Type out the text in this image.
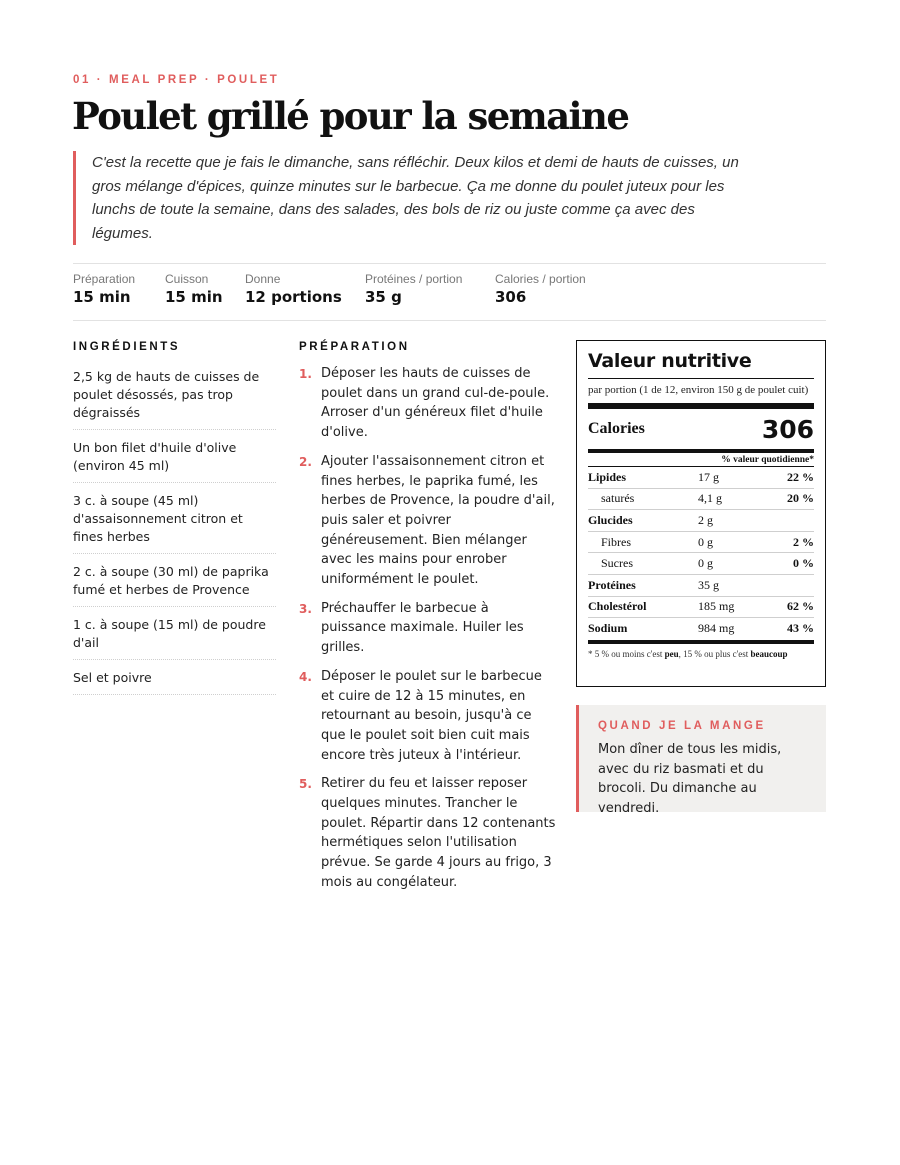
01 · MEAL PREP · POULET
Poulet grillé pour la semaine

C'est la recette que je fais le dimanche, sans réfléchir. Deux kilos et demi de hauts de cuisses, un gros mélange d'épices, quinze minutes sur le barbecue. Ça me donne du poulet juteux pour les lunchs de toute la semaine, dans des salades, des bols de riz ou juste comme ça avec des légumes.

Préparation
15 min
Cuisson
15 min
Donne
12 portions
Protéines / portion
35 g
Calories / portion
306
INGRÉDIENTS
2,5 kg de hauts de cuisses de poulet désossés, pas trop dégraissés
Un bon filet d'huile d'olive (environ 45 ml)
3 c. à soupe (45 ml) d'assaisonnement citron et fines herbes
2 c. à soupe (30 ml) de paprika fumé et herbes de Provence
1 c. à soupe (15 ml) de poudre d'ail
Sel et poivre
PRÉPARATION
1. Déposer les hauts de cuisses de poulet dans un grand cul-de-poule. Arroser d'un généreux filet d'huile d'olive.
2. Ajouter l'assaisonnement citron et fines herbes, le paprika fumé, les herbes de Provence, la poudre d'ail, puis saler et poivrer généreusement. Bien mélanger avec les mains pour enrober uniformément le poulet.
3. Préchauffer le barbecue à puissance maximale. Huiler les grilles.
4. Déposer le poulet sur le barbecue et cuire de 12 à 15 minutes, en retournant au besoin, jusqu'à ce que le poulet soit bien cuit mais encore très juteux à l'intérieur.
5. Retirer du feu et laisser reposer quelques minutes. Trancher le poulet. Répartir dans 12 contenants hermétiques selon l'utilisation prévue. Se garde 4 jours au frigo, 3 mois au congélateur.
Valeur nutritive
par portion (1 de 12, environ 150 g de poulet cuit)
Calories	306
% valeur quotidienne*
Lipides	17 g	22 %
saturés	4,1 g	20 %
Glucides	2 g
Fibres	0 g	2 %
Sucres	0 g	0 %
Protéines	35 g
Cholestérol	185 mg	62 %
Sodium	984 mg	43 %
* 5 % ou moins c'est peu, 15 % ou plus c'est beaucoup
QUAND JE LA MANGE
Mon dîner de tous les midis, avec du riz basmati et du brocoli. Du dimanche au vendredi.
